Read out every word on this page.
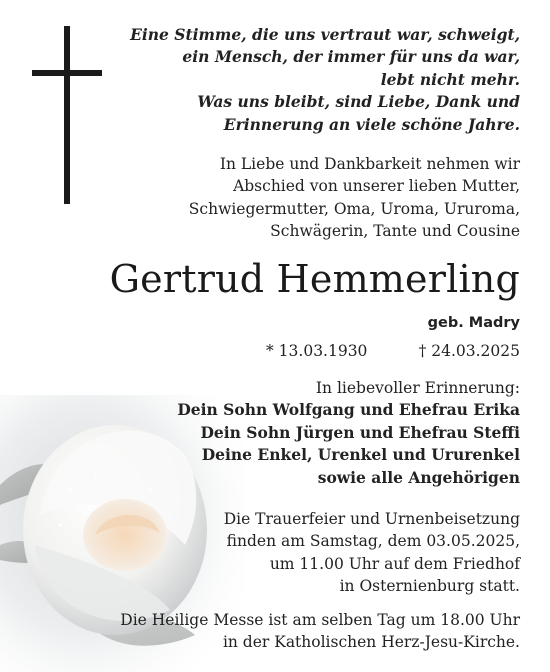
Eine Stimme, die uns vertraut war, schweigt,
ein Mensch, der immer für uns da war,
lebt nicht mehr.
Was uns bleibt, sind Liebe, Dank und
Erinnerung an viele schöne Jahre.
In Liebe und Dankbarkeit nehmen wir
Abschied von unserer lieben Mutter,
Schwiegermutter, Oma, Uroma, Ururoma,
Schwägerin, Tante und Cousine
Gertrud Hemmerling
geb. Madry
* 13.03.1930	† 24.03.2025
In liebevoller Erinnerung:
Dein Sohn Wolfgang und Ehefrau Erika
Dein Sohn Jürgen und Ehefrau Steffi
Deine Enkel, Urenkel und Ururenkel
sowie alle Angehörigen
Die Trauerfeier und Urnenbeisetzung
finden am Samstag, dem 03.05.2025,
um 11.00 Uhr auf dem Friedhof
in Osternienburg statt.
Die Heilige Messe ist am selben Tag um 18.00 Uhr
in der Katholischen Herz-Jesu-Kirche.
